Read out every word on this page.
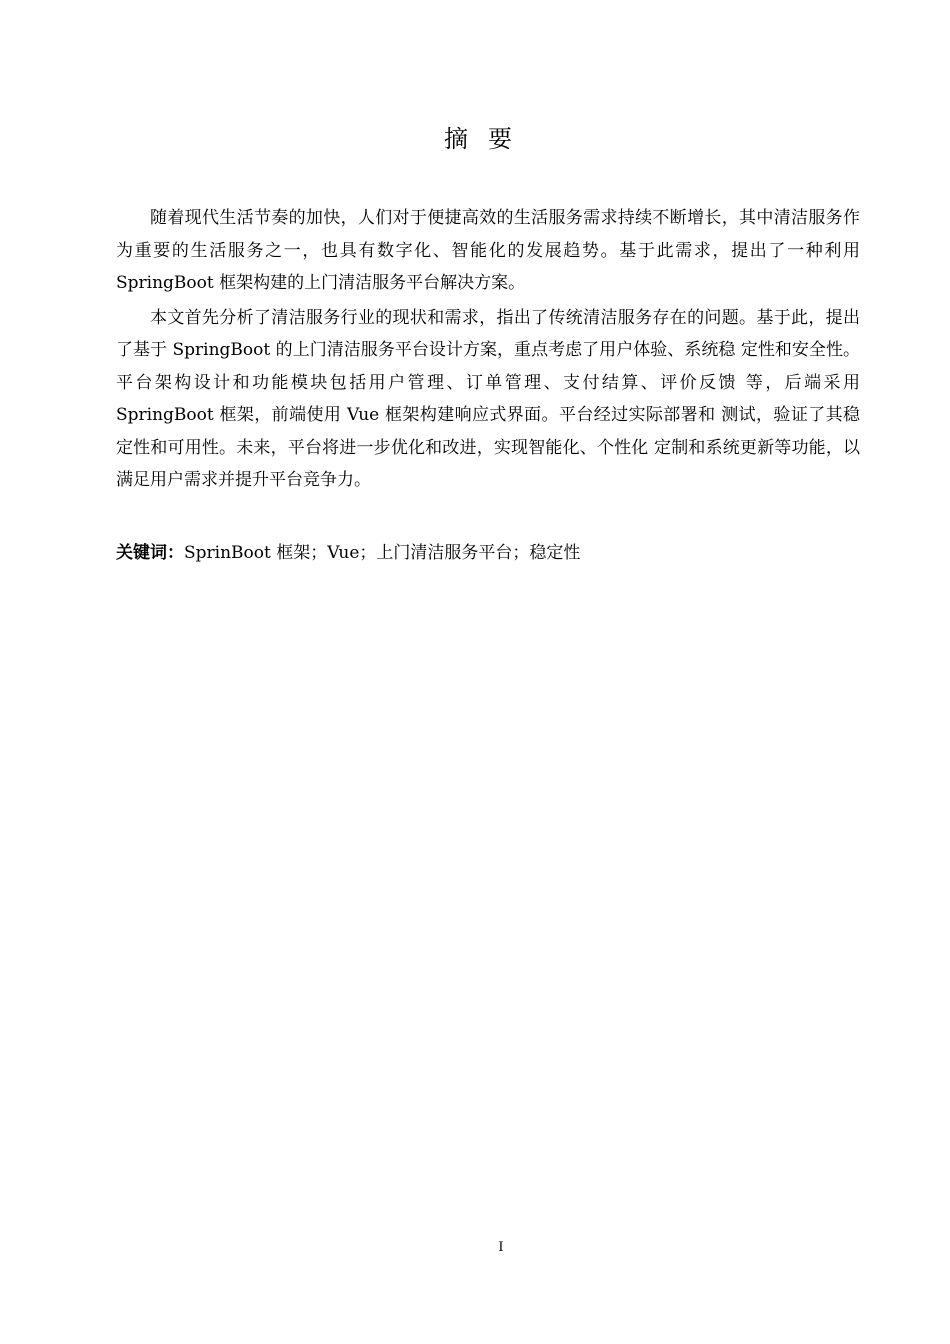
摘要

随着现代生活节奏的加快，人们对于便捷高效的生活服务需求持续不断增长，其中清洁服务作为重要的生活服务之一，也具有数字化、智能化的发展趋势。基于此需求，提出了一种利用 SpringBoot 框架构建的上门清洁服务平台解决方案。

本文首先分析了清洁服务行业的现状和需求，指出了传统清洁服务存在的问题。基于此，提出了基于 SpringBoot 的上门清洁服务平台设计方案，重点考虑了用户体验、系统稳 定性和安全性。平台架构设计和功能模块包括用户管理、订单管理、支付结算、评价反馈 等，后端采用 SpringBoot 框架，前端使用 Vue 框架构建响应式界面。平台经过实际部署和 测试，验证了其稳定性和可用性。未来，平台将进一步优化和改进，实现智能化、个性化 定制和系统更新等功能，以满足用户需求并提升平台竞争力。

关键词：SprinBoot 框架；Vue；上门清洁服务平台；稳定性
I
